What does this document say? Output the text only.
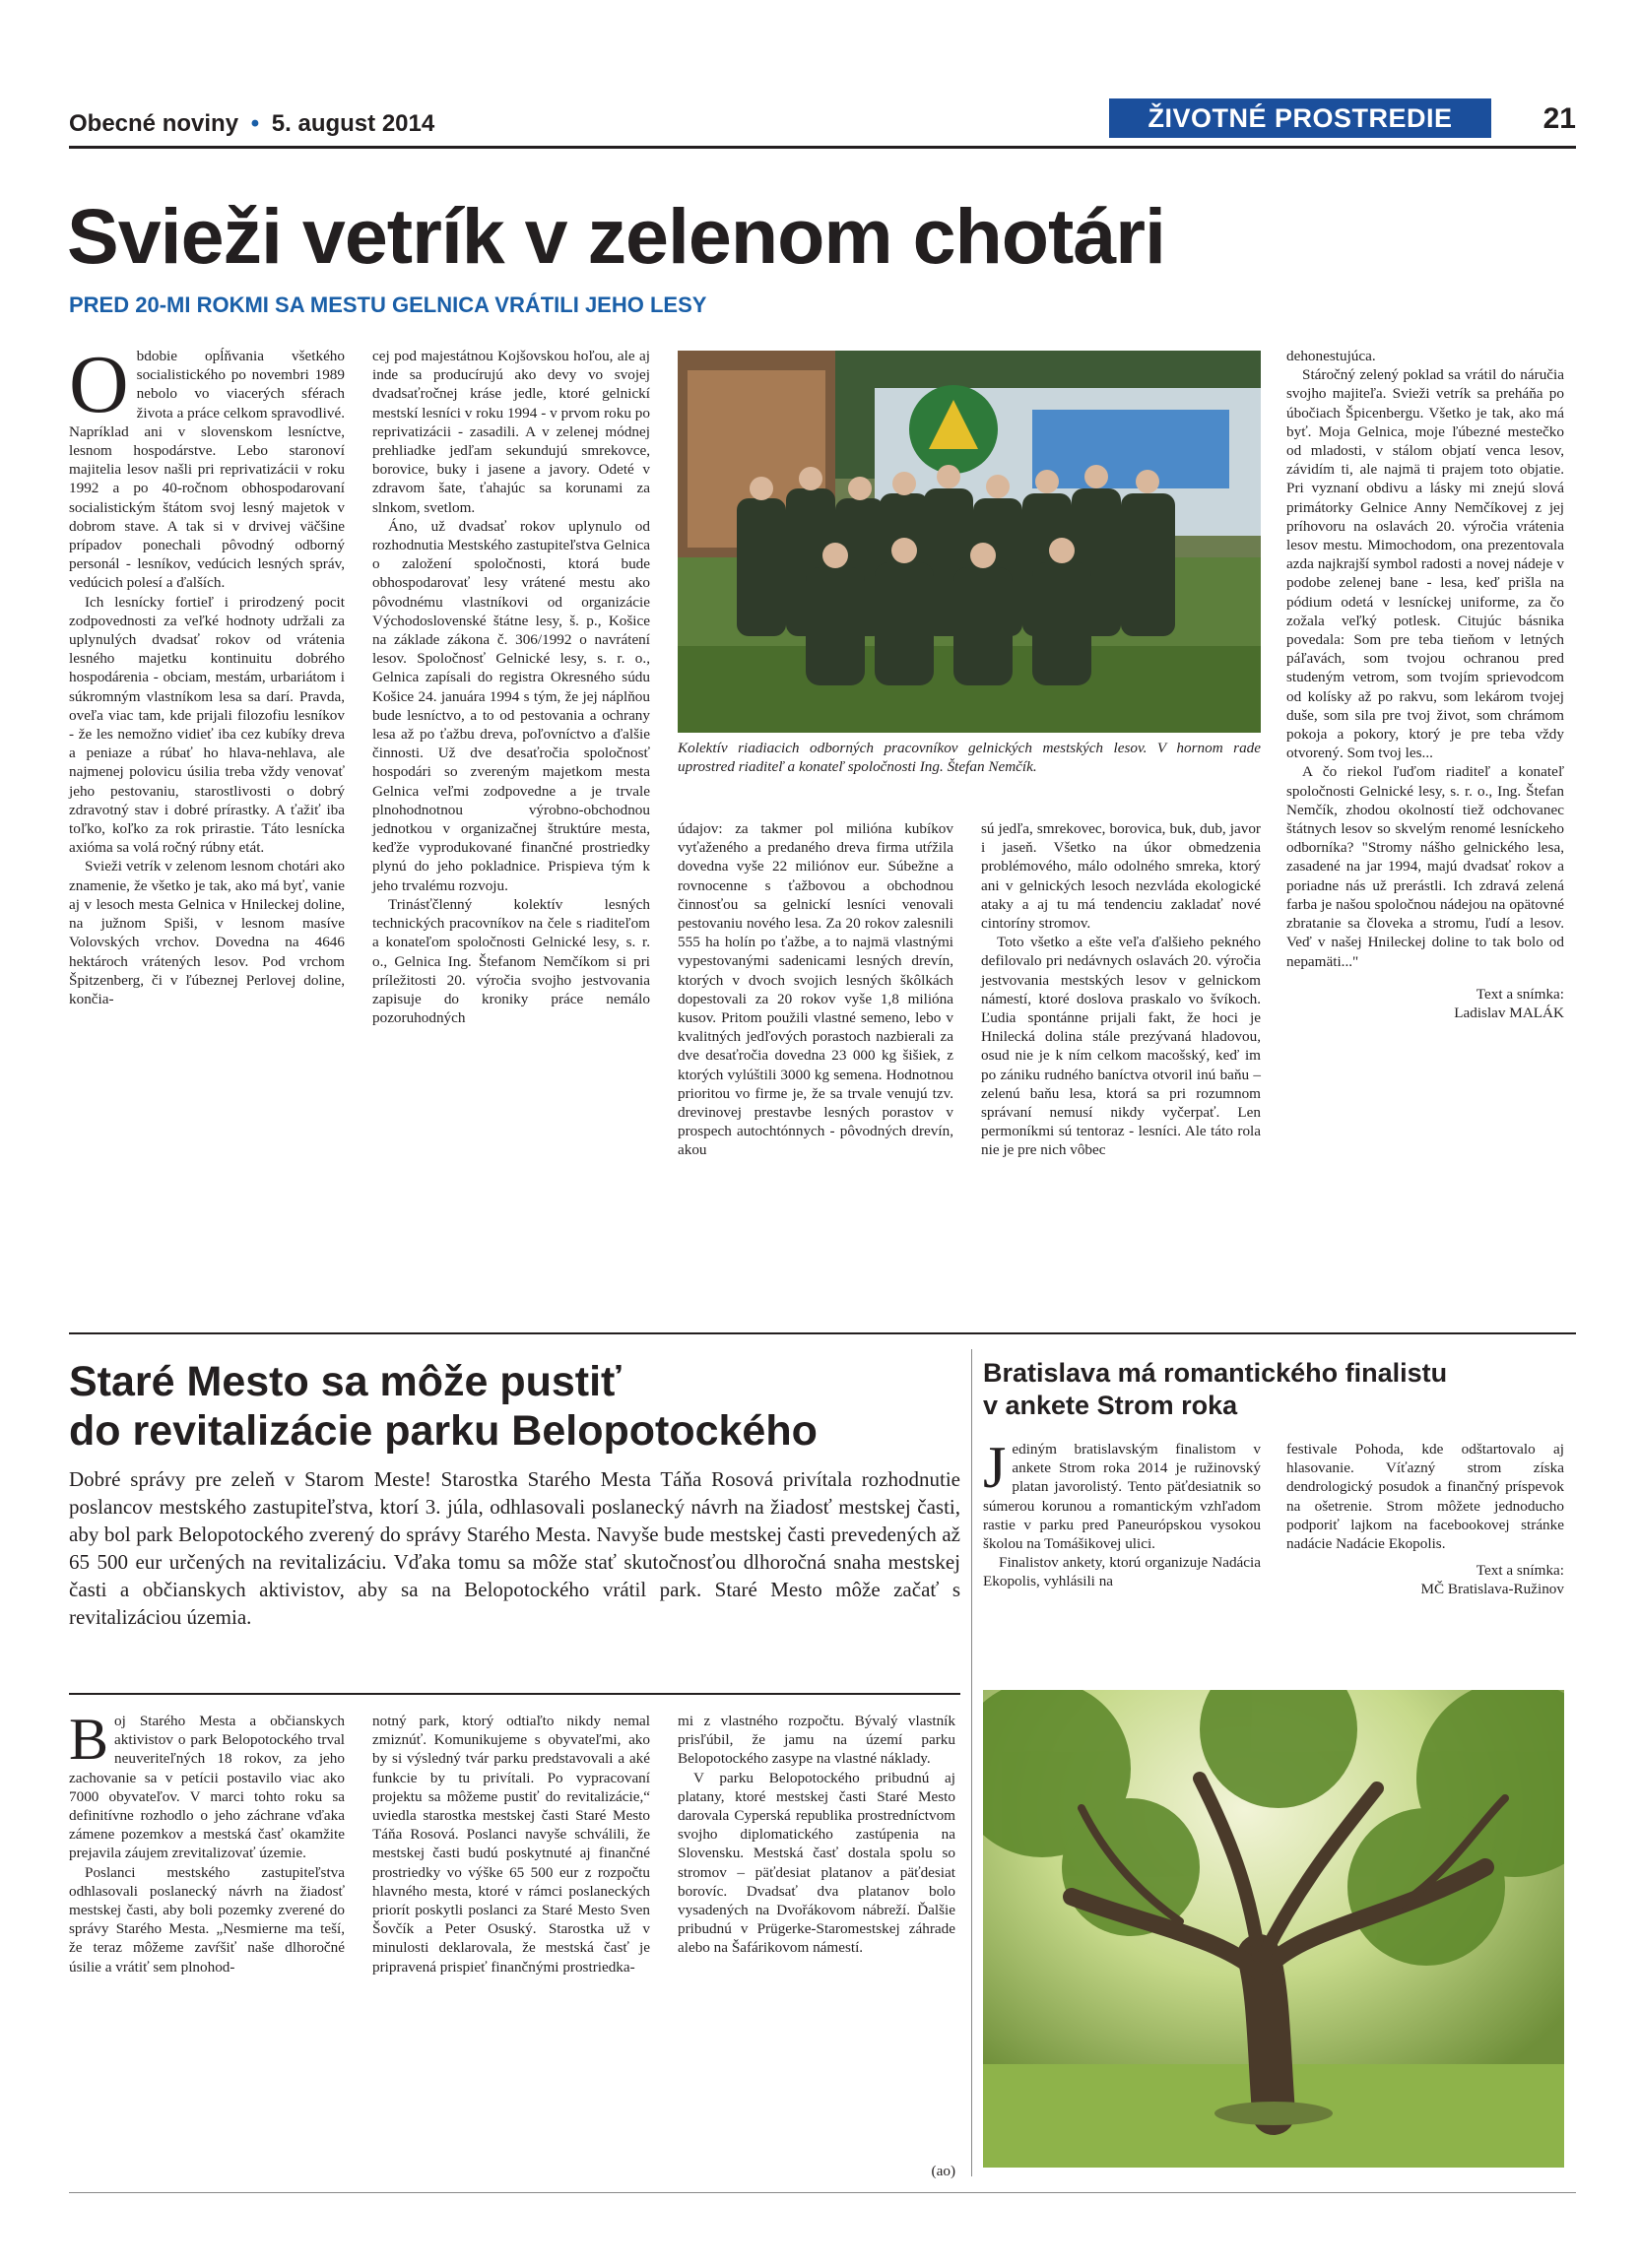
Obecné noviny • 5. august 2014	ŽIVOTNÉ PROSTREDIE	21
Svieži vetrík v zelenom chotári
PRED 20-MI ROKMI SA MESTU GELNICA VRÁTILI JEHO LESY
O bdobie opĺňvania všetkého socialistického po novembri 1989 nebolo vo viacerých sférach života a práce celkom spravodlivé. Napríklad ani v slovenskom lesníctve, lesnom hospodárstve. Lebo staronoví majitelia lesov našli pri reprivatizácii v roku 1992 a po 40-ročnom obhospodarovaní socialistickým štátom svoj lesný majetok v dobrom stave. A tak si v drvivej väčšine prípadov ponechali pôvodný odborný personál - lesníkov, vedúcich lesných správ, vedúcich polesí a ďalších.

Ich lesnícky fortieľ i prirodzený pocit zodpovednosti za veľké hodnoty udržali za uplynulých dvadsať rokov od vrátenia lesného majetku kontinuitu dobrého hospodárenia - obciam, mestám, urbariátom i súkromným vlastníkom lesa sa darí. Pravda, oveľa viac tam, kde prijali filozofiu lesníkov - že les nemožno vidieť iba cez kubíky dreva a peniaze a rúbať ho hlava-nehlava, ale najmenej polovicu úsilia treba vždy venovať jeho pestovaniu, starostlivosti o dobrý zdravotný stav i dobré prírastky. A ťažiť iba toľko, koľko za rok prirastie. Táto lesnícka axióma sa volá ročný rúbny etát.

Svieži vetrík v zelenom lesnom chotári ako znamenie, že všetko je tak, ako má byť, vanie aj v lesoch mesta Gelnica v Hnileckej doline, na južnom Spiši, v lesnom masíve Volovských vrchov. Dovedna na 4646 hektároch vrátených lesov. Pod vrchom Špitzenberg, či v ľúbeznej Perlovej doline, končia-

cej pod majestátnou Kojšovskou hoľou, ale aj inde sa producírujú ako devy vo svojej dvadsaťročnej kráse jedle, ktoré gelnickí mestskí lesníci v roku 1994 - v prvom roku po reprivatizácii - zasadili. A v zelenej módnej prehliadke jedľam sekundujú smrekovce, borovice, buky i jasene a javory. Odeté v zdravom šate, ťahajúc sa korunami za slnkom, svetlom.

Áno, už dvadsať rokov uplynulo od rozhodnutia Mestského zastupiteľstva Gelnica o založení spoločnosti, ktorá bude obhospodarovať lesy vrátené mestu ako pôvodnému vlastníkovi od organizácie Východoslovenské štátne lesy, š. p., Košice na základe zákona č. 306/1992 o navrátení lesov. Spoločnosť Gelnické lesy, s. r. o., Gelnica zapísali do registra Okresného súdu Košice 24. januára 1994 s tým, že jej náplňou bude lesníctvo, a to od pestovania a ochrany lesa až po ťažbu dreva, poľovníctvo a ďalšie činnosti. Už dve desaťročia spoločnosť hospodári so zvereným majetkom mesta Gelnica veľmi zodpovedne a je trvale plnohodnotnou výrobno-obchodnou jednotkou v organizačnej štruktúre mesta, keďže vyprodukované finančné prostriedky plynú do jeho pokladnice. Prispieva tým k jeho trvalému rozvoju.

Trinásťčlenný kolektív lesných technických pracovníkov na čele s riaditeľom a konateľom spoločnosti Gelnické lesy, s. r. o., Gelnica Ing. Štefanom Nemčíkom si pri príležitosti 20. výročia svojho jestvovania zapisuje do kroniky práce nemálo pozoruhodných

Kolektív riadiacich odborných pracovníkov gelnických mestských lesov. V hornom rade uprostred riaditeľ a konateľ spoločnosti Ing. Štefan Nemčík.

údajov: za takmer pol milióna kubíkov vyťaženého a predaného dreva firma utŕžila dovedna vyše 22 miliónov eur. Súbežne a rovnocenne s ťažbovou a obchodnou činnosťou sa gelnickí lesníci venovali pestovaniu nového lesa. Za 20 rokov zalesnili 555 ha holín po ťažbe, a to najmä vlastnými vypestovanými sadenicami lesných drevín, ktorých v dvoch svojich lesných škôlkách dopestovali za 20 rokov vyše 1,8 milióna kusov. Pritom použili vlastné semeno, lebo v kvalitných jedľových porastoch nazbierali za dve desaťročia dovedna 23 000 kg šišiek, z ktorých vylúštili 3000 kg semena. Hodnotnou prioritou vo firme je, že sa trvale venujú tzv. drevinovej prestavbe lesných porastov v prospech autochtónnych - pôvodných drevín, akou

sú jedľa, smrekovec, borovica, buk, dub, javor i jaseň. Všetko na úkor obmedzenia problémového, málo odolného smreka, ktorý ani v gelnických lesoch nezvláda ekologické ataky a aj tu má tendenciu zakladať nové cintoríny stromov.

Toto všetko a ešte veľa ďalšieho pekného defilovalo pri nedávnych oslavách 20. výročia jestvovania mestských lesov v gelnickom námestí, ktoré doslova praskalo vo švíkoch. Ľudia spontánne prijali fakt, že hoci je Hnilecká dolina stále prezývaná hladovou, osud nie je k ním celkom macošský, keď im po zániku rudného baníctva otvoril inú baňu – zelenú baňu lesa, ktorá sa pri rozumnom správaní nemusí nikdy vyčerpať. Len permoníkmi sú tentoraz - lesníci. Ale táto rola nie je pre nich vôbec

dehonestujúca.

Stáročný zelený poklad sa vrátil do náručia svojho majiteľa. Svieži vetrík sa preháňa po úbočiach Špicenbergu. Všetko je tak, ako má byť. Moja Gelnica, moje ľúbezné mestečko od mladosti, v stálom objatí venca lesov, závidím ti, ale najmä ti prajem toto objatie. Pri vyznaní obdivu a lásky mi znejú slová primátorky Gelnice Anny Nemčíkovej z jej príhovoru na oslavách 20. výročia vrátenia lesov mestu. Mimochodom, ona prezentovala azda najkrajší symbol radosti a novej nádeje v podobe zelenej bane - lesa, keď prišla na pódium odetá v lesníckej uniforme, za čo zožala veľký potlesk. Citujúc básnika povedala: Som pre teba tieňom v letných páľavách, som tvojou ochranou pred studeným vetrom, som tvojím sprievodcom od kolísky až po rakvu, som lekárom tvojej duše, som sila pre tvoj život, som chrámom pokoja a pokory, ktorý je pre teba vždy otvorený. Som tvoj les...

A čo riekol ľuďom riaditeľ a konateľ spoločnosti Gelnické lesy, s. r. o., Ing. Štefan Nemčík, zhodou okolností tiež odchovanec štátnych lesov so skvelým renomé lesníckeho odborníka? "Stromy nášho gelnického lesa, zasadené na jar 1994, majú dvadsať rokov a poriadne nás už prerástli. Ich zdravá zelená farba je našou spoločnou nádejou na opätovné zbratanie sa človeka a stromu, ľudí a lesov. Veď v našej Hnileckej doline to tak bolo od nepamäti..."

Text a snímka:

Ladislav MALÁK

Staré Mesto sa môže pustiť
do revitalizácie parku Belopotockého
Dobré správy pre zeleň v Starom Meste! Starostka Starého Mesta Táňa Rosová privítala rozhodnutie poslancov mestského zastupiteľstva, ktorí 3. júla, odhlasovali poslanecký návrh na žiadosť mestskej časti, aby bol park Belopotockého zverený do správy Starého Mesta. Navyše bude mestskej časti prevedených až 65 500 eur určených na revitalizáciu. Vďaka tomu sa môže stať skutočnosťou dlhoročná snaha mestskej časti a občianskych aktivistov, aby sa na Belopotockého vrátil park. Staré Mesto môže začať s revitalizáciou územia.
B oj Starého Mesta a občianskych aktivistov o park Belopotockého trval neuveriteľných 18 rokov, za jeho zachovanie sa v petícii postavilo viac ako 7000 obyvateľov. V marci tohto roku sa definitívne rozhodlo o jeho záchrane vďaka zámene pozemkov a mestská časť okamžite prejavila záujem zrevitalizovať územie.

Poslanci mestského zastupiteľstva odhlasovali poslanecký návrh na žiadosť mestskej časti, aby boli pozemky zverené do správy Starého Mesta. „Nesmierne ma teší, že teraz môžeme zavŕšiť naše dlhoročné úsilie a vrátiť sem plnohod-

notný park, ktorý odtiaľto nikdy nemal zmiznúť. Komunikujeme s obyvateľmi, ako by si výsledný tvár parku predstavovali a aké funkcie by tu privítali. Po vypracovaní projektu sa môžeme pustiť do revitalizácie,“ uviedla starostka mestskej časti Staré Mesto Táňa Rosová. Poslanci navyše schválili, že mestskej časti budú poskytnuté aj finančné prostriedky vo výške 65 500 eur z rozpočtu hlavného mesta, ktoré v rámci poslaneckých priorít poskytli poslanci za Staré Mesto Sven Šovčík a Peter Osuský. Starostka už v minulosti deklarovala, že mestská časť je pripravená prispieť finančnými prostriedka-

mi z vlastného rozpočtu. Bývalý vlastník prisľúbil, že jamu na území parku Belopotockého zasype na vlastné náklady.

V parku Belopotockého pribudnú aj platany, ktoré mestskej časti Staré Mesto darovala Cyperská republika prostredníctvom svojho diplomatického zastúpenia na Slovensku. Mestská časť dostala spolu so stromov – päťdesiat platanov a päťdesiat borovíc. Dvadsať dva platanov bolo vysadených na Dvořákovom nábreží. Ďalšie pribudnú v Prügerke-Staromestskej záhrade alebo na Šafárikovom námestí.

(ao)
Bratislava má romantického finalistu
v ankete Strom roka
J ediným bratislavským finalistom v ankete Strom roka 2014 je ružinovský platan javorolistý. Tento päťdesiatnik so súmerou korunou a romantickým vzhľadom rastie v parku pred Paneurópskou vysokou školou na Tomášikovej ulici.

Finalistov ankety, ktorú organizuje Nadácia Ekopolis, vyhlásili na

festivale Pohoda, kde odštartovalo aj hlasovanie. Víťazný strom získa dendrologický posudok a finančný príspevok na ošetrenie. Strom môžete jednoducho podporiť lajkom na facebookovej stránke nadácie Nadácie Ekopolis.

Text a snímka:

MČ Bratislava-Ružinov
